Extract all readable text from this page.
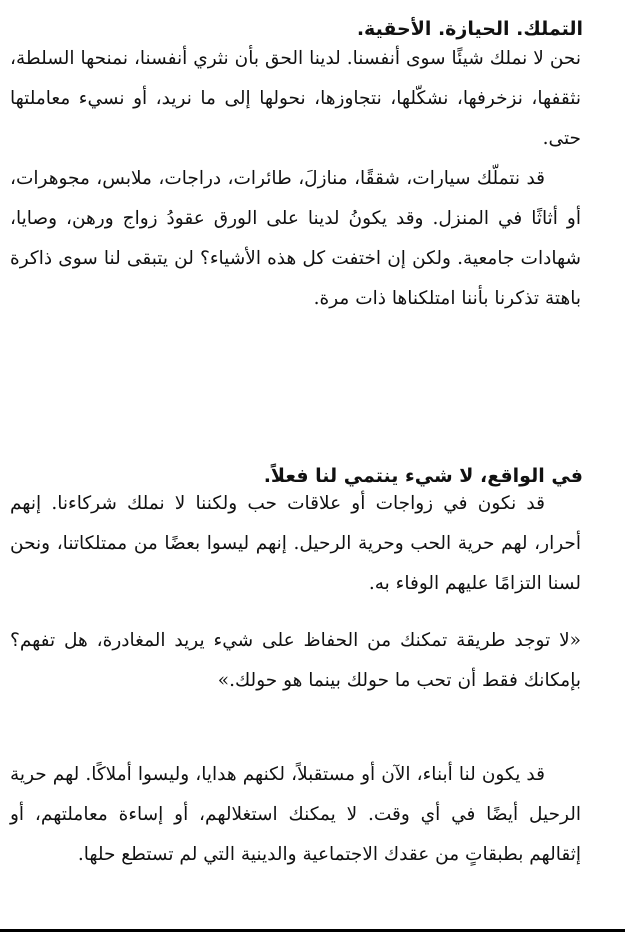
التملك. الحيازة. الأحقية.

نحن لا نملك شيئًا سوى أنفسنا. لدينا الحق بأن نثري أنفسنا، نمنحها السلطة، نثقفها، نزخرفها، نشكّلها، نتجاوزها، نحولها إلى ما نريد، أو نسيء معاملتها حتى.

قد نتملّك سيارات، شققًا، منازلَ، طائرات، دراجات، ملابس، مجوهرات، أو أثاثًا في المنزل. وقد يكونُ لدينا على الورق عقودُ زواج ورهن، وصايا، شهادات جامعية. ولكن إن اختفت كل هذه الأشياء؟ لن يتبقى لنا سوى ذاكرة باهتة تذكرنا بأننا امتلكناها ذات مرة.

في الواقع، لا شيء ينتمي لنا فعلاً.

قد نكون في زواجات أو علاقات حب ولكننا لا نملك شركاءنا. إنهم أحرار، لهم حرية الحب وحرية الرحيل. إنهم ليسوا بعضًا من ممتلكاتنا، ونحن لسنا التزامًا عليهم الوفاء به.

«لا توجد طريقة تمكنك من الحفاظ على شيء يريد المغادرة، هل تفهم؟ بإمكانك فقط أن تحب ما حولك بينما هو حولك.»

قد يكون لنا أبناء، الآن أو مستقبلاً، لكنهم هدايا، وليسوا أملاكًا. لهم حرية الرحيل أيضًا في أي وقت. لا يمكنك استغلالهم، أو إساءة معاملتهم، أو إثقالهم بطبقاتٍ من عقدك الاجتماعية والدينية التي لم تستطع حلها.
